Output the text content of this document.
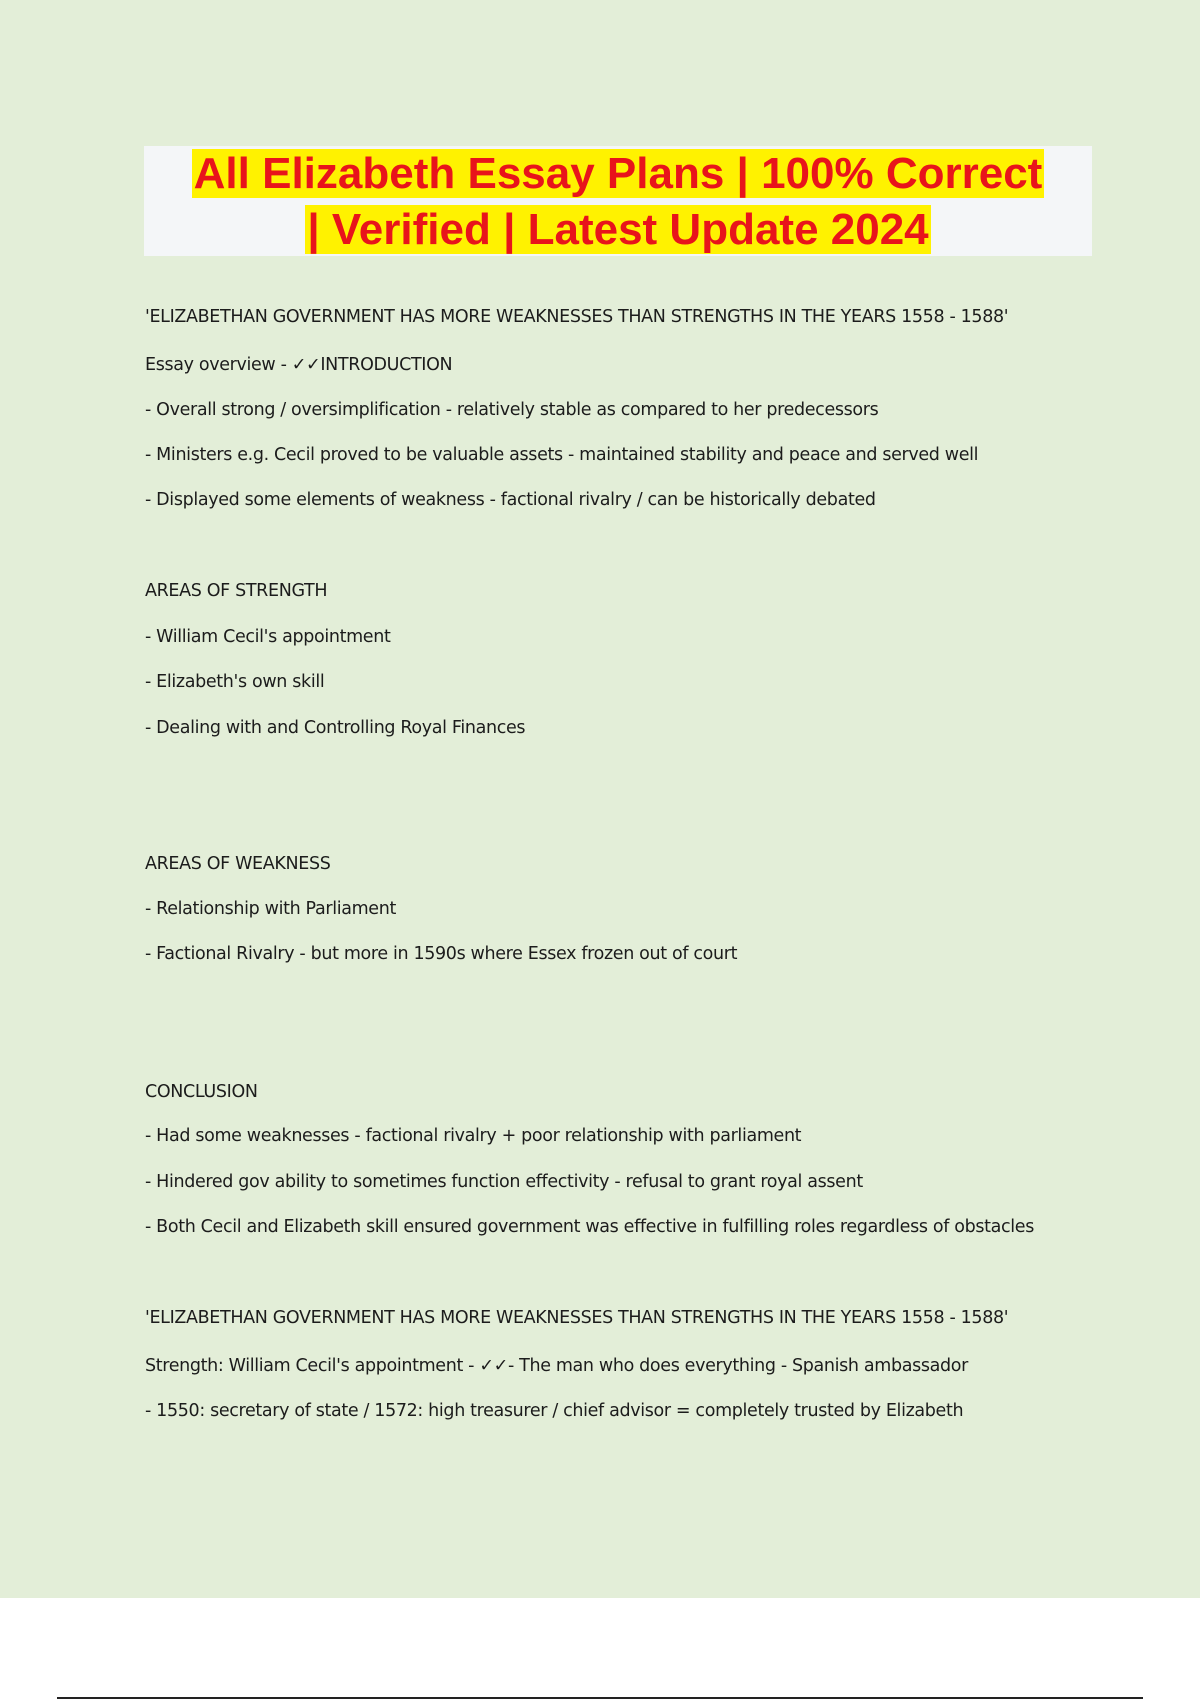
All Elizabeth Essay Plans | 100% Correct

| Verified | Latest Update 2024

'ELIZABETHAN GOVERNMENT HAS MORE WEAKNESSES THAN STRENGTHS IN THE YEARS 1558 - 1588'
Essay overview - ✓✓INTRODUCTION
- Overall strong / oversimplification - relatively stable as compared to her predecessors
- Ministers e.g. Cecil proved to be valuable assets - maintained stability and peace and served well
- Displayed some elements of weakness - factional rivalry / can be historically debated
AREAS OF STRENGTH
- William Cecil's appointment
- Elizabeth's own skill
- Dealing with and Controlling Royal Finances
AREAS OF WEAKNESS
- Relationship with Parliament
- Factional Rivalry - but more in 1590s where Essex frozen out of court
CONCLUSION
- Had some weaknesses - factional rivalry + poor relationship with parliament
- Hindered gov ability to sometimes function effectivity - refusal to grant royal assent
- Both Cecil and Elizabeth skill ensured government was effective in fulfilling roles regardless of obstacles
'ELIZABETHAN GOVERNMENT HAS MORE WEAKNESSES THAN STRENGTHS IN THE YEARS 1558 - 1588'
Strength: William Cecil's appointment - ✓✓- The man who does everything - Spanish ambassador
- 1550: secretary of state / 1572: high treasurer / chief advisor = completely trusted by Elizabeth
